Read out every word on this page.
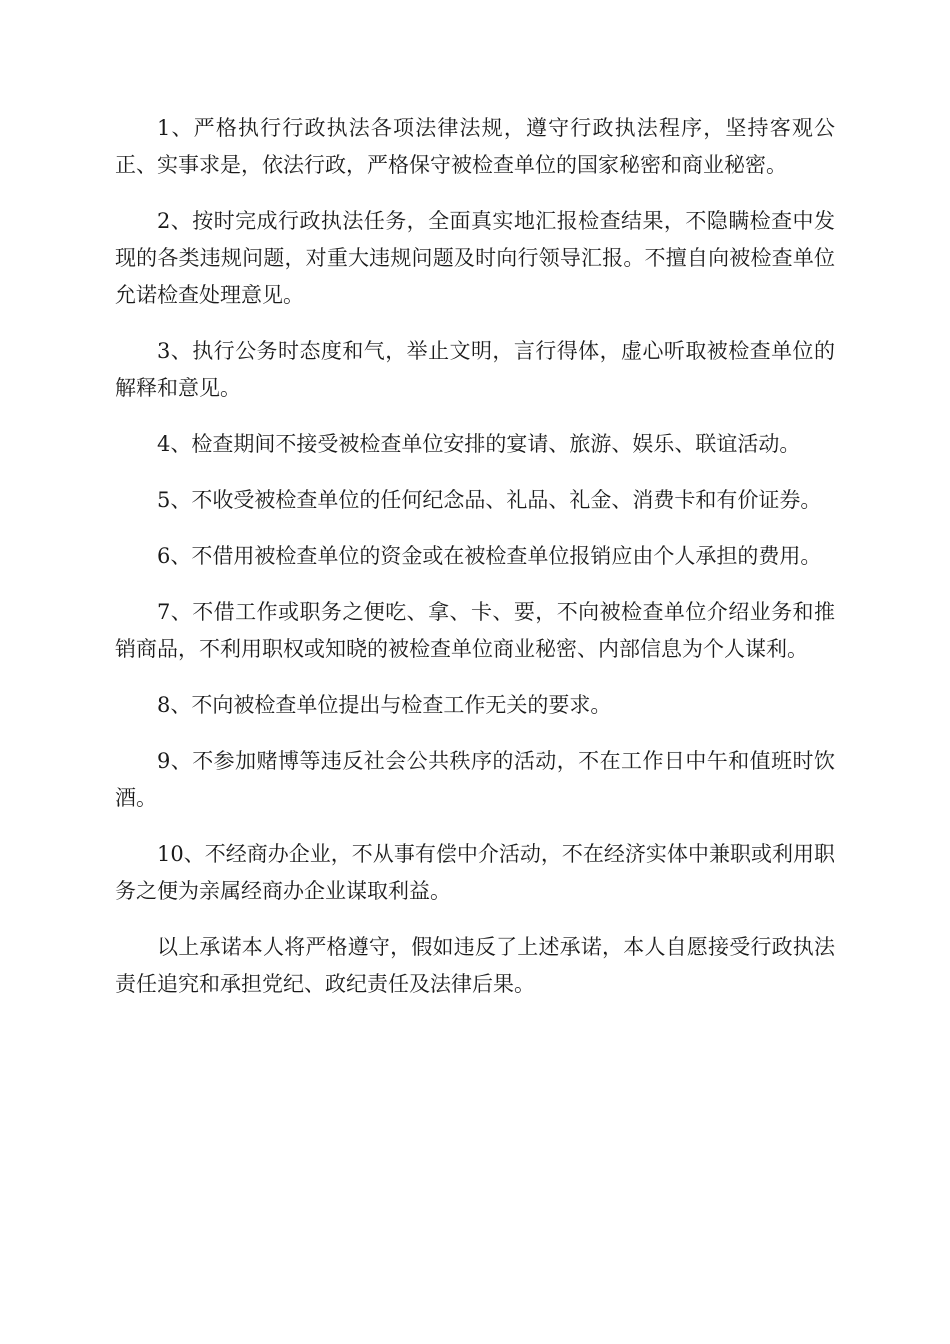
1、严格执行行政执法各项法律法规，遵守行政执法程序，坚持客观公正、实事求是，依法行政，严格保守被检查单位的国家秘密和商业秘密。

2、按时完成行政执法任务，全面真实地汇报检查结果，不隐瞒检查中发现的各类违规问题，对重大违规问题及时向行领导汇报。不擅自向被检查单位允诺检查处理意见。

3、执行公务时态度和气，举止文明，言行得体，虚心听取被检查单位的解释和意见。

4、检查期间不接受被检查单位安排的宴请、旅游、娱乐、联谊活动。

5、不收受被检查单位的任何纪念品、礼品、礼金、消费卡和有价证券。

6、不借用被检查单位的资金或在被检查单位报销应由个人承担的费用。

7、不借工作或职务之便吃、拿、卡、要，不向被检查单位介绍业务和推销商品，不利用职权或知晓的被检查单位商业秘密、内部信息为个人谋利。

8、不向被检查单位提出与检查工作无关的要求。

9、不参加赌博等违反社会公共秩序的活动，不在工作日中午和值班时饮酒。

10、不经商办企业，不从事有偿中介活动，不在经济实体中兼职或利用职务之便为亲属经商办企业谋取利益。

以上承诺本人将严格遵守，假如违反了上述承诺，本人自愿接受行政执法责任追究和承担党纪、政纪责任及法律后果。
